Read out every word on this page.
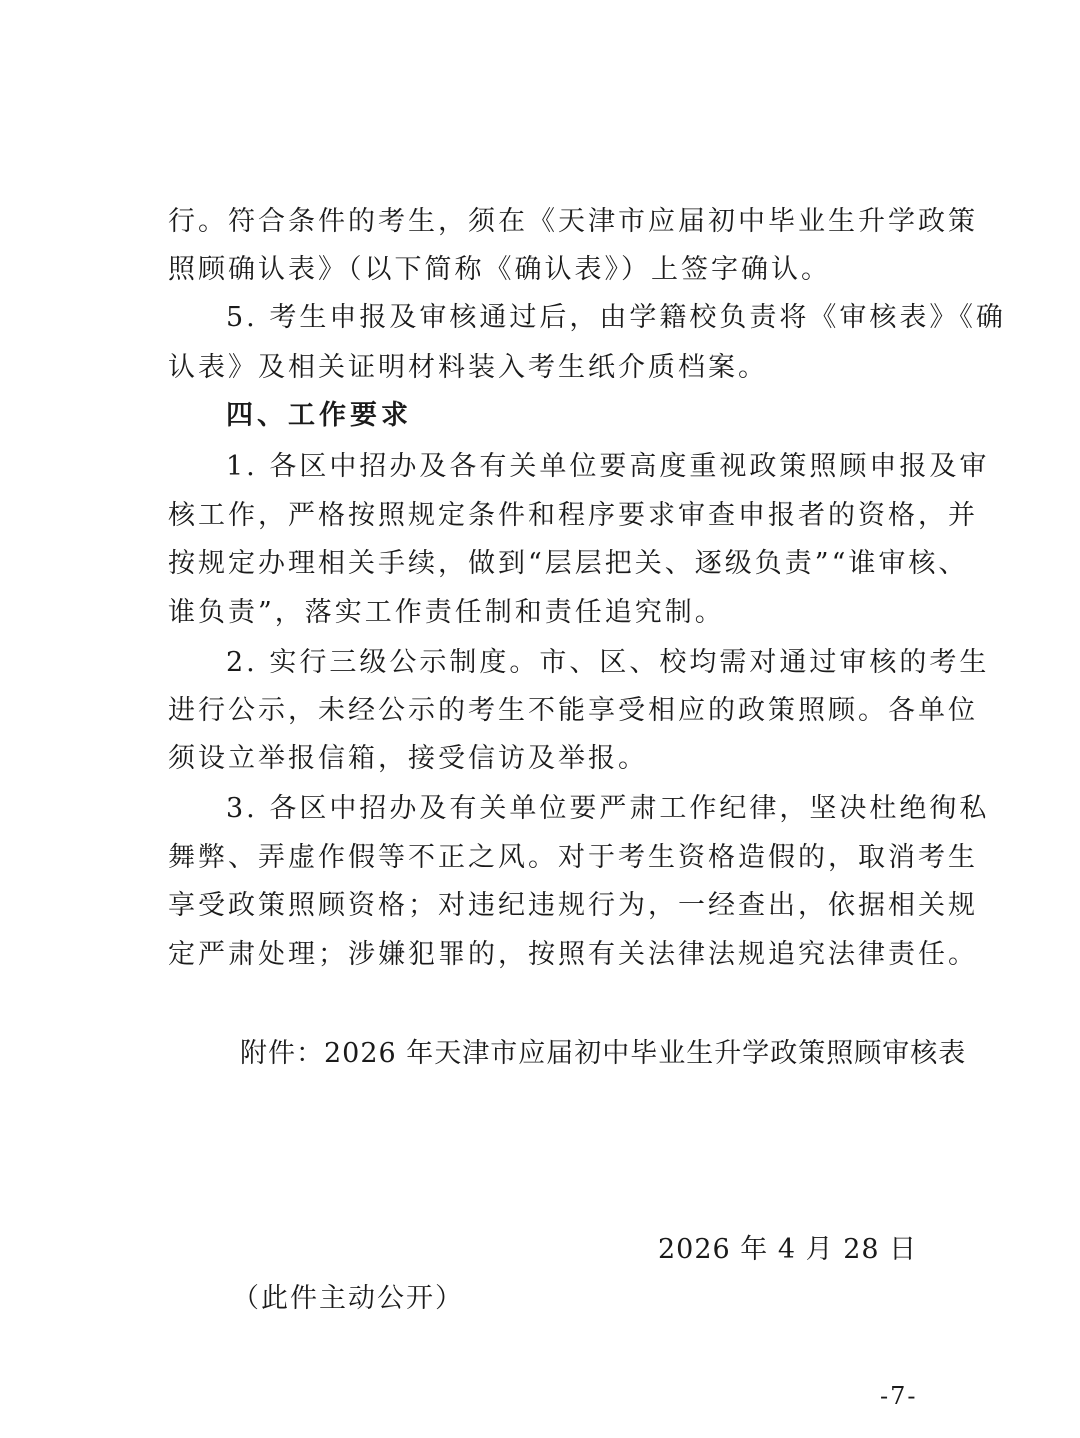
行。符合条件的考生，须在《天津市应届初中毕业生升学政策
照顾确认表》（以下简称《确认表》）上签字确认。
5. 考生申报及审核通过后，由学籍校负责将《审核表》《确
认表》及相关证明材料装入考生纸介质档案。
四、工作要求
1. 各区中招办及各有关单位要高度重视政策照顾申报及审
核工作，严格按照规定条件和程序要求审查申报者的资格，并
按规定办理相关手续，做到“层层把关、逐级负责”“谁审核、
谁负责”，落实工作责任制和责任追究制。
2. 实行三级公示制度。市、区、校均需对通过审核的考生
进行公示，未经公示的考生不能享受相应的政策照顾。各单位
须设立举报信箱，接受信访及举报。
3. 各区中招办及有关单位要严肃工作纪律，坚决杜绝徇私
舞弊、弄虚作假等不正之风。对于考生资格造假的，取消考生
享受政策照顾资格；对违纪违规行为，一经查出，依据相关规
定严肃处理；涉嫌犯罪的，按照有关法律法规追究法律责任。
附件：2026 年天津市应届初中毕业生升学政策照顾审核表
2026 年 4 月 28 日
（此件主动公开）
-7-
